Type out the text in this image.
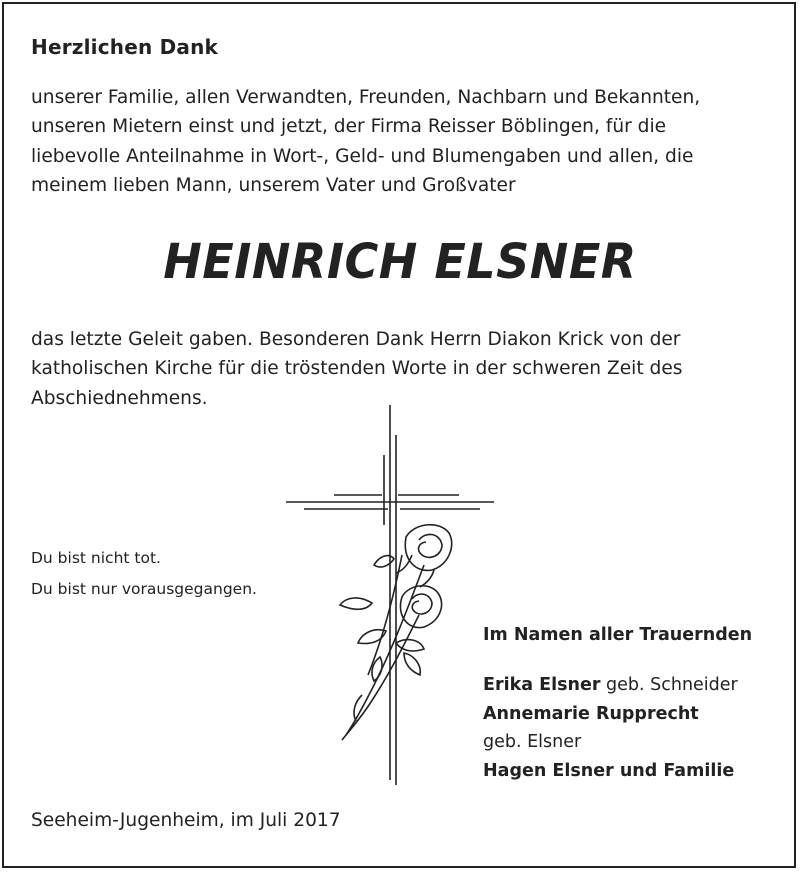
Herzlichen Dank
unserer Familie, allen Verwandten, Freunden, Nachbarn und Bekannten,
unseren Mietern einst und jetzt, der Firma Reisser Böblingen, für die
liebevolle Anteilnahme in Wort-, Geld- und Blumengaben und allen, die
meinem lieben Mann, unserem Vater und Großvater
HEINRICH ELSNER
das letzte Geleit gaben. Besonderen Dank Herrn Diakon Krick von der
katholischen Kirche für die tröstenden Worte in der schweren Zeit des
Abschiednehmens.
Du bist nicht tot.
Du bist nur vorausgegangen.
Im Namen aller Trauernden
Erika Elsner geb. Schneider
Annemarie Rupprecht
geb. Elsner
Hagen Elsner und Familie
Seeheim-Jugenheim, im Juli 2017
